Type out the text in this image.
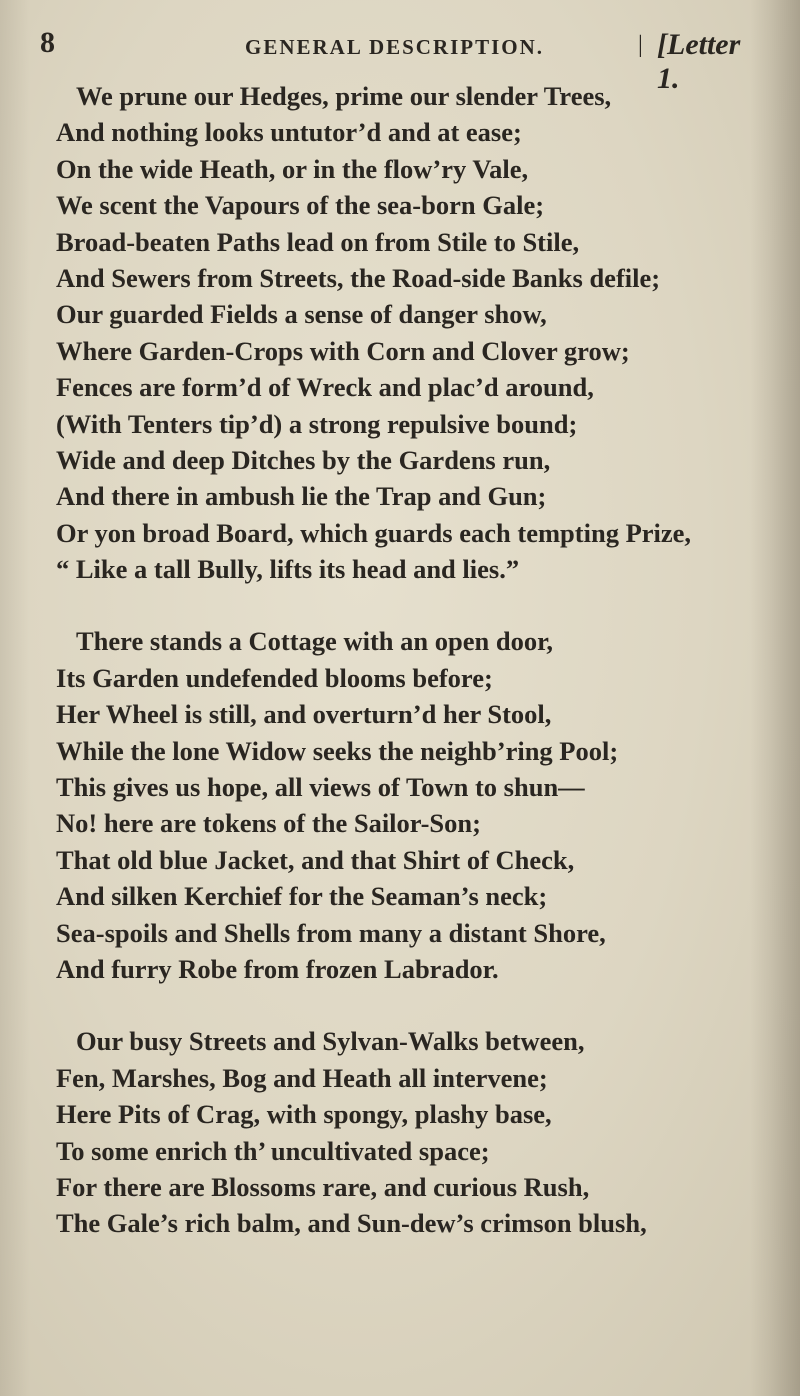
8	GENERAL DESCRIPTION.	| [Letter 1.
We prune our Hedges, prime our slender Trees,
And nothing looks untutor’d and at ease;
On the wide Heath, or in the flow’ry Vale,
We scent the Vapours of the sea-born Gale;
Broad-beaten Paths lead on from Stile to Stile,
And Sewers from Streets, the Road-side Banks defile;
Our guarded Fields a sense of danger show,
Where Garden-Crops with Corn and Clover grow;
Fences are form’d of Wreck and plac’d around,
(With Tenters tip’d) a strong repulsive bound;
Wide and deep Ditches by the Gardens run,
And there in ambush lie the Trap and Gun;
Or yon broad Board, which guards each tempting Prize,
“ Like a tall Bully, lifts its head and lies.”
There stands a Cottage with an open door,
Its Garden undefended blooms before;
Her Wheel is still, and overturn’d her Stool,
While the lone Widow seeks the neighb’ring Pool;
This gives us hope, all views of Town to shun—
No! here are tokens of the Sailor-Son;
That old blue Jacket, and that Shirt of Check,
And silken Kerchief for the Seaman’s neck;
Sea-spoils and Shells from many a distant Shore,
And furry Robe from frozen Labrador.
Our busy Streets and Sylvan-Walks between,
Fen, Marshes, Bog and Heath all intervene;
Here Pits of Crag, with spongy, plashy base,
To some enrich th’ uncultivated space;
For there are Blossoms rare, and curious Rush,
The Gale’s rich balm, and Sun-dew’s crimson blush,
